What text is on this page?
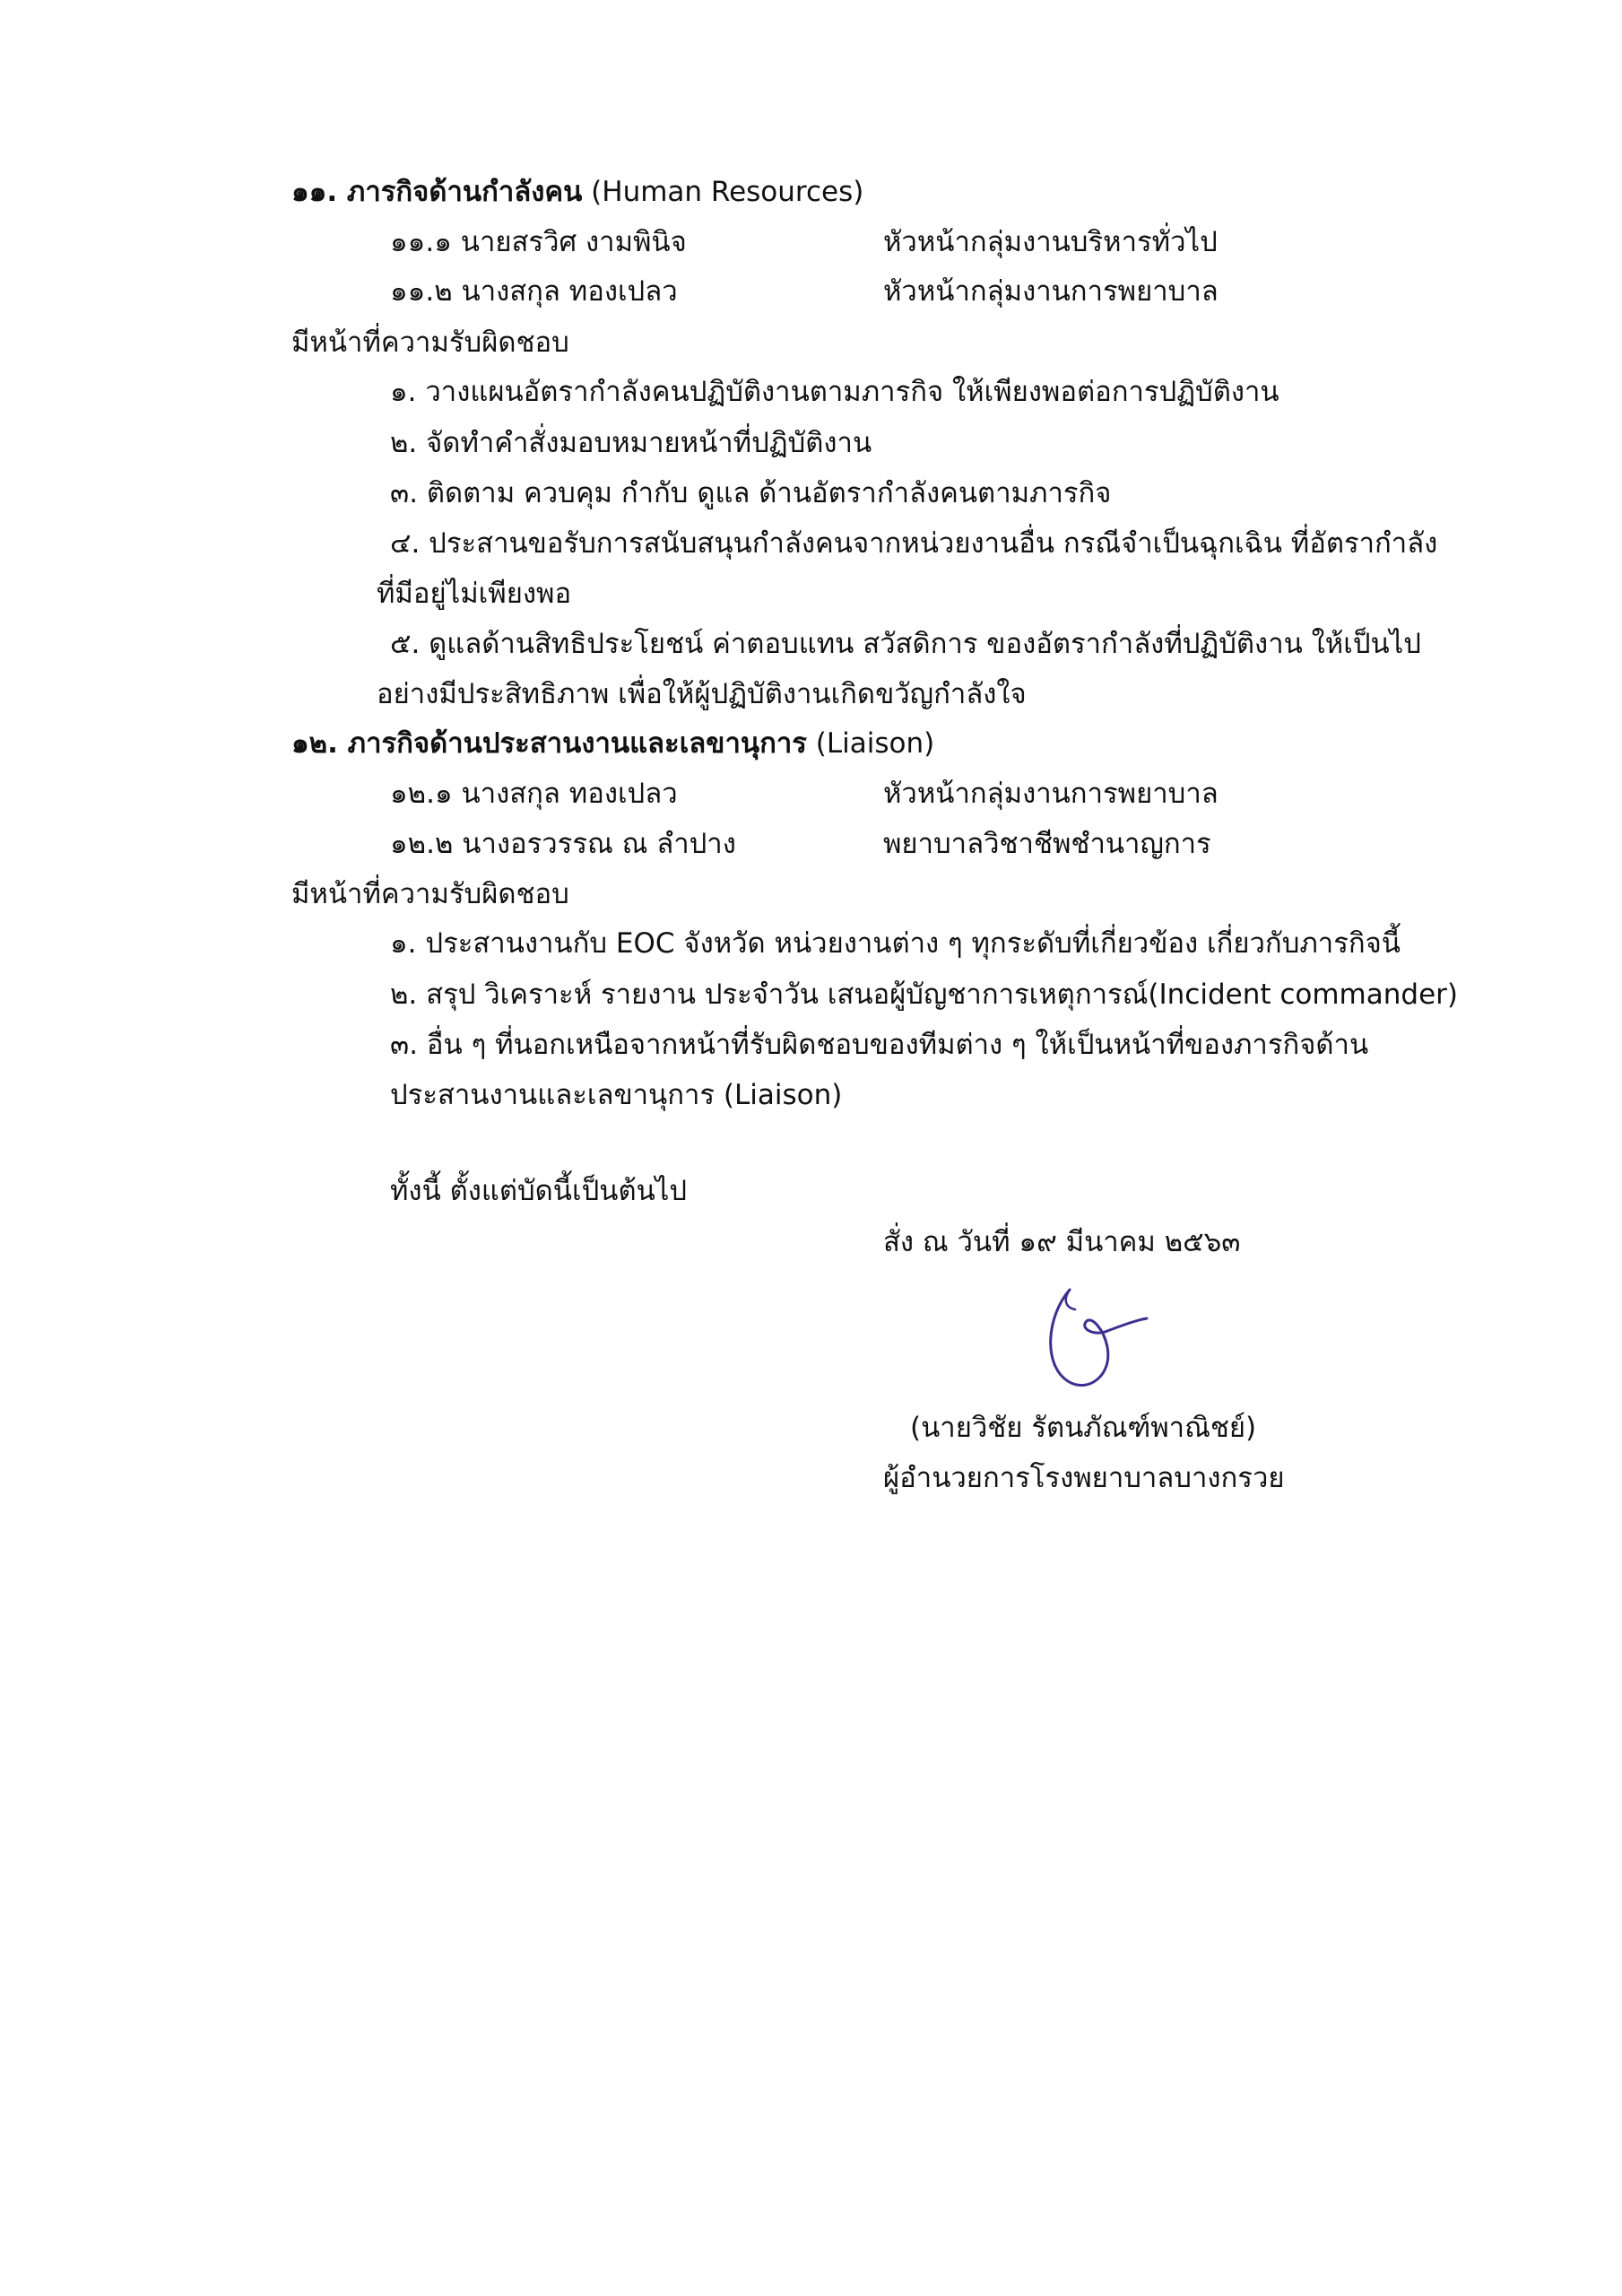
๑๑. ภารกิจด้านกำลังคน (Human Resources)
๑๑.๑ นายสรวิศ งามพินิจ	หัวหน้ากลุ่มงานบริหารทั่วไป
๑๑.๒ นางสกุล ทองเปลว	หัวหน้ากลุ่มงานการพยาบาล
มีหน้าที่ความรับผิดชอบ
๑. วางแผนอัตรากำลังคนปฏิบัติงานตามภารกิจ ให้เพียงพอต่อการปฏิบัติงาน
๒. จัดทำคำสั่งมอบหมายหน้าที่ปฏิบัติงาน
๓. ติดตาม ควบคุม กำกับ ดูแล ด้านอัตรากำลังคนตามภารกิจ
๔. ประสานขอรับการสนับสนุนกำลังคนจากหน่วยงานอื่น กรณีจำเป็นฉุกเฉิน ที่อัตรากำลัง
ที่มีอยู่ไม่เพียงพอ
๕. ดูแลด้านสิทธิประโยชน์ ค่าตอบแทน สวัสดิการ ของอัตรากำลังที่ปฏิบัติงาน ให้เป็นไป
อย่างมีประสิทธิภาพ เพื่อให้ผู้ปฏิบัติงานเกิดขวัญกำลังใจ
๑๒. ภารกิจด้านประสานงานและเลขานุการ (Liaison)
๑๒.๑ นางสกุล ทองเปลว	หัวหน้ากลุ่มงานการพยาบาล
๑๒.๒ นางอรวรรณ ณ ลำปาง	พยาบาลวิชาชีพชำนาญการ
มีหน้าที่ความรับผิดชอบ
๑. ประสานงานกับ EOC จังหวัด หน่วยงานต่าง ๆ ทุกระดับที่เกี่ยวข้อง เกี่ยวกับภารกิจนี้
๒. สรุป วิเคราะห์ รายงาน ประจำวัน เสนอผู้บัญชาการเหตุการณ์(Incident commander)
๓. อื่น ๆ ที่นอกเหนือจากหน้าที่รับผิดชอบของทีมต่าง ๆ ให้เป็นหน้าที่ของภารกิจด้าน
ประสานงานและเลขานุการ (Liaison)
ทั้งนี้ ตั้งแต่บัดนี้เป็นต้นไป
สั่ง ณ วันที่ ๑๙ มีนาคม ๒๕๖๓
(นายวิชัย รัตนภัณฑ์พาณิชย์)
ผู้อำนวยการโรงพยาบาลบางกรวย
